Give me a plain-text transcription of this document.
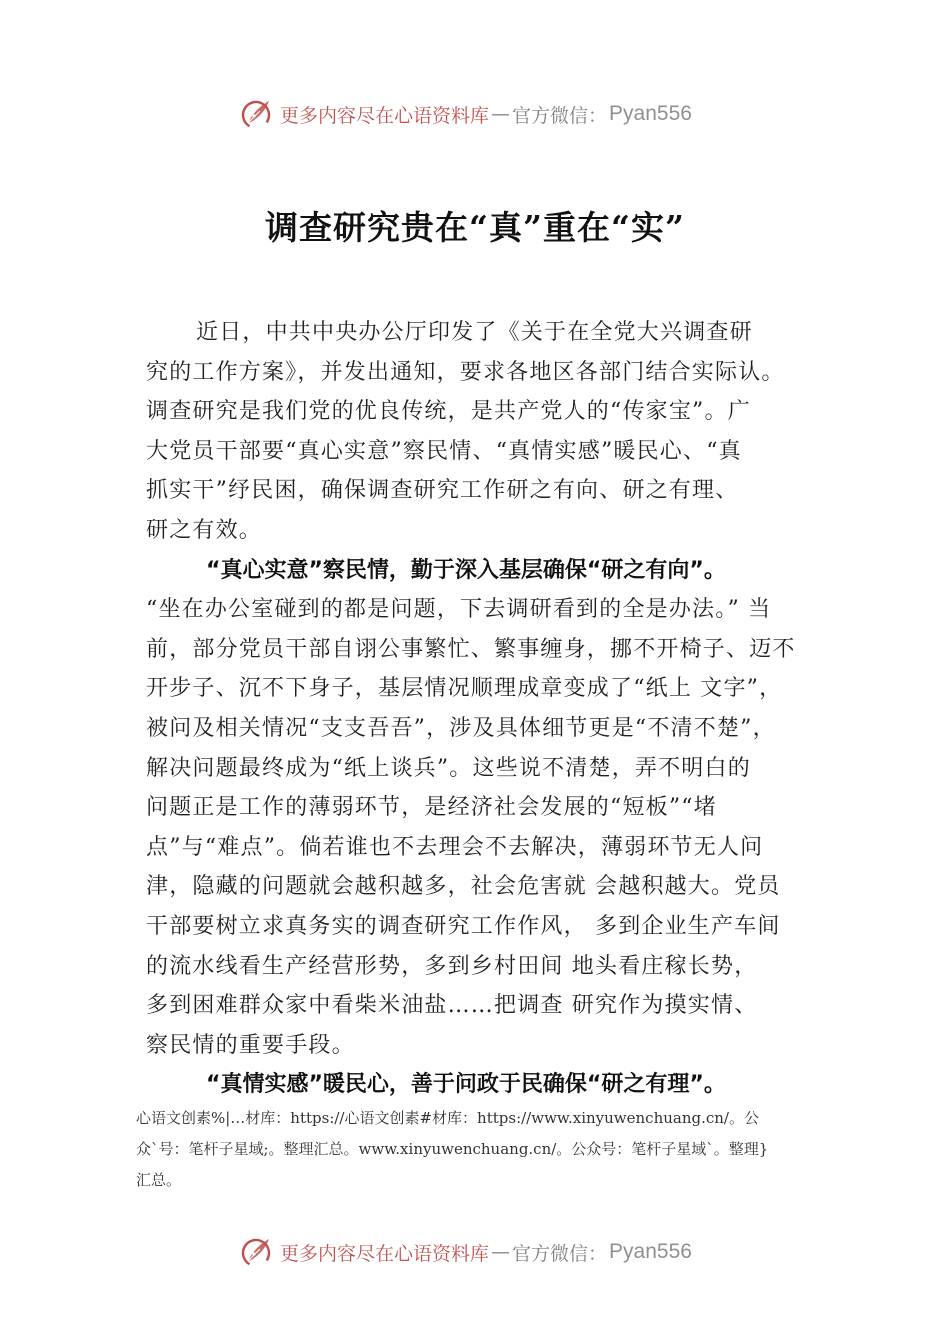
更多内容尽在心语资料库 — 官方微信： Pyan556
调查研究贵在“真”重在“实”
近日，中共中央办公厅印发了《关于在全党大兴调查研
究的工作方案》，并发出通知，要求各地区各部门结合实际认。
调查研究是我们党的优良传统，是共产党人的“传家宝”。广
大党员干部要“真心实意”察民情、“真情实感”暖民心、“真
抓实干”纾民困，确保调查研究工作研之有向、研之有理、
研之有效。
“真心实意”察民情，勤于深入基层确保“研之有向”。
“坐在办公室碰到的都是问题，下去调研看到的全是办法。” 当
前，部分党员干部自诩公事繁忙、繁事缠身，挪不开椅子、迈不
开步子、沉不下身子，基层情况顺理成章变成了“纸上 文字”，
被问及相关情况“支支吾吾”，涉及具体细节更是“不清不楚”，
解决问题最终成为“纸上谈兵”。这些说不清楚，弄不明白的
问题正是工作的薄弱环节，是经济社会发展的“短板”“堵
点”与“难点”。倘若谁也不去理会不去解决，薄弱环节无人问
津，隐藏的问题就会越积越多，社会危害就 会越积越大。党员
干部要树立求真务实的调查研究工作作风， 多到企业生产车间
的流水线看生产经营形势，多到乡村田间 地头看庄稼长势，
多到困难群众家中看柴米油盐……把调查 研究作为摸实情、
察民情的重要手段。
“真情实感”暖民心，善于问政于民确保“研之有理”。
心语文创素%|…材库：https://心语文创素#材库：https://www.xinyuwenchuang.cn/。公
众`号：笔杆子星域;。整理汇总。www.xinyuwenchuang.cn/。公众号：笔杆子星域`。整理}
汇总。
更多内容尽在心语资料库 — 官方微信： Pyan556
